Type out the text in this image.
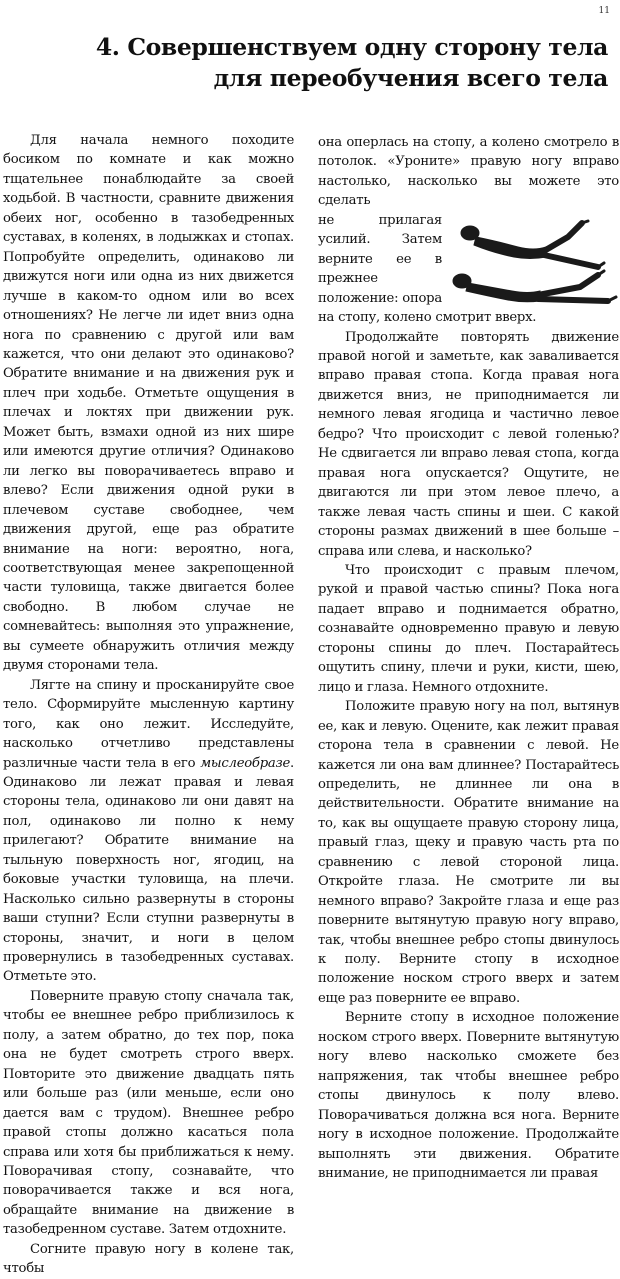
11
4. Совершенствуем одну сторону тела
для переобучения всего тела

Для начала немного походите босиком по комнате и как можно тщательнее понаблюдайте за своей ходьбой. В частности, сравните движения обеих ног, особенно в тазобедренных суставах, в коленях, в лодыжках и стопах. Попробуйте определить, одинаково ли движутся ноги или одна из них движется лучше в каком-то одном или во всех отношениях? Не легче ли идет вниз одна нога по сравнению с другой или вам кажется, что они делают это одинаково? Обратите внимание и на движения рук и плеч при ходьбе. Отметьте ощущения в плечах и локтях при движении рук. Может быть, взмахи одной из них шире или имеются другие отличия? Одинаково ли легко вы поворачиваетесь вправо и влево? Если движения одной руки в плечевом суставе свободнее, чем движения другой, еще раз обратите внимание на ноги: вероятно, нога, соответствующая менее закрепощенной части туловища, также двигается более свободно. В любом случае не сомневайтесь: выполняя это упражнение, вы сумеете обнаружить отличия между двумя сторонами тела.

Лягте на спину и просканируйте свое тело. Сформируйте мысленную картину того, как оно лежит. Исследуйте, насколько отчетливо представлены различные части тела в его мыслеобразе. Одинаково ли лежат правая и левая стороны тела, одинаково ли они давят на пол, одинаково ли полно к нему прилегают? Обратите внимание на тыльную поверхность ног, ягодиц, на боковые участки туловища, на плечи. Насколько сильно развернуты в стороны ваши ступни? Если ступни развернуты в стороны, значит, и ноги в целом провернулись в тазобедренных суставах. Отметьте это.

Поверните правую стопу сначала так, чтобы ее внешнее ребро приблизилось к полу, а затем обратно, до тех пор, пока она не будет смотреть строго вверх. Повторите это движение двадцать пять или больше раз (или меньше, если оно дается вам с трудом). Внешнее ребро правой стопы должно касаться пола справа или хотя бы приближаться к нему. Поворачивая стопу, сознавайте, что поворачивается также и вся нога, обращайте внимание на движение в тазобедренном суставе. Затем отдохните.

Согните правую ногу в колене так, чтобы

она оперлась на стопу, а колено смотрело в потолок. «Уроните» правую ногу вправо настолько, насколько вы можете это сделать

не прилагая усилий. Затем верните ее в прежнее положение: опора на стопу, колено смотрит вверх.

Продолжайте повторять движение правой ногой и заметьте, как заваливается вправо правая стопа. Когда правая нога движется вниз, не приподнимается ли немного левая ягодица и частично левое бедро? Что происходит с левой голенью? Не сдвигается ли вправо левая стопа, когда правая нога опускается? Ощутите, не двигаются ли при этом левое плечо, а также левая часть спины и шеи. С какой стороны размах движений в шее больше – справа или слева, и насколько?

Что происходит с правым плечом, рукой и правой частью спины? Пока нога падает вправо и поднимается обратно, сознавайте одновременно правую и левую стороны спины до плеч. Постарайтесь ощутить спину, плечи и руки, кисти, шею, лицо и глаза. Немного отдохните.

Положите правую ногу на пол, вытянув ее, как и левую. Оцените, как лежит правая сторона тела в сравнении с левой. Не кажется ли она вам длиннее? Постарайтесь определить, не длиннее ли она в действительности. Обратите внимание на то, как вы ощущаете правую сторону лица, правый глаз, щеку и правую часть рта по сравнению с левой стороной лица. Откройте глаза. Не смотрите ли вы немного вправо? Закройте глаза и еще раз поверните вытянутую правую ногу вправо, так, чтобы внешнее ребро стопы двинулось к полу. Верните стопу в исходное положение носком строго вверх и затем еще раз поверните ее вправо.

Верните стопу в исходное положение носком строго вверх. Поверните вытянутую ногу влево насколько сможете без напряжения, так чтобы внешнее ребро стопы двинулось к полу влево. Поворачиваться должна вся нога. Верните ногу в исходное положение. Продолжайте выполнять эти движения. Обратите внимание, не приподнимается ли правая
